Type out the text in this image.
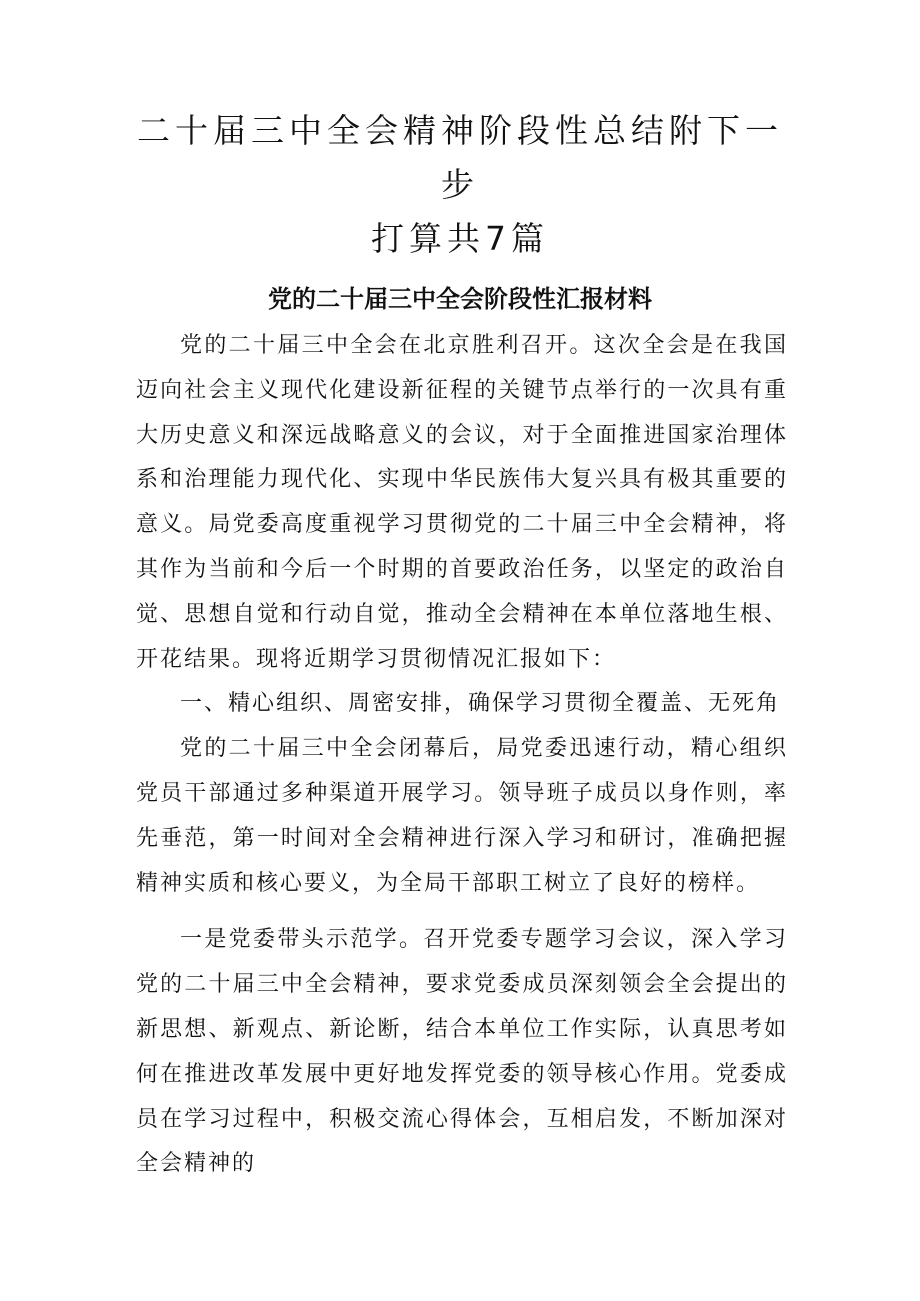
二十届三中全会精神阶段性总结附下一步
打算共7篇
党的二十届三中全会阶段性汇报材料

党的二十届三中全会在北京胜利召开。这次全会是在我国迈向社会主义现代化建设新征程的关键节点举行的一次具有重大历史意义和深远战略意义的会议，对于全面推进国家治理体系和治理能力现代化、实现中华民族伟大复兴具有极其重要的意义。局党委高度重视学习贯彻党的二十届三中全会精神，将其作为当前和今后一个时期的首要政治任务，以坚定的政治自觉、思想自觉和行动自觉，推动全会精神在本单位落地生根、开花结果。现将近期学习贯彻情况汇报如下：

一、精心组织、周密安排，确保学习贯彻全覆盖、无死角

党的二十届三中全会闭幕后，局党委迅速行动，精心组织党员干部通过多种渠道开展学习。领导班子成员以身作则，率先垂范，第一时间对全会精神进行深入学习和研讨，准确把握精神实质和核心要义，为全局干部职工树立了良好的榜样。

一是党委带头示范学。召开党委专题学习会议，深入学习党的二十届三中全会精神，要求党委成员深刻领会全会提出的新思想、新观点、新论断，结合本单位工作实际，认真思考如何在推进改革发展中更好地发挥党委的领导核心作用。党委成员在学习过程中，积极交流心得体会，互相启发，不断加深对全会精神的
